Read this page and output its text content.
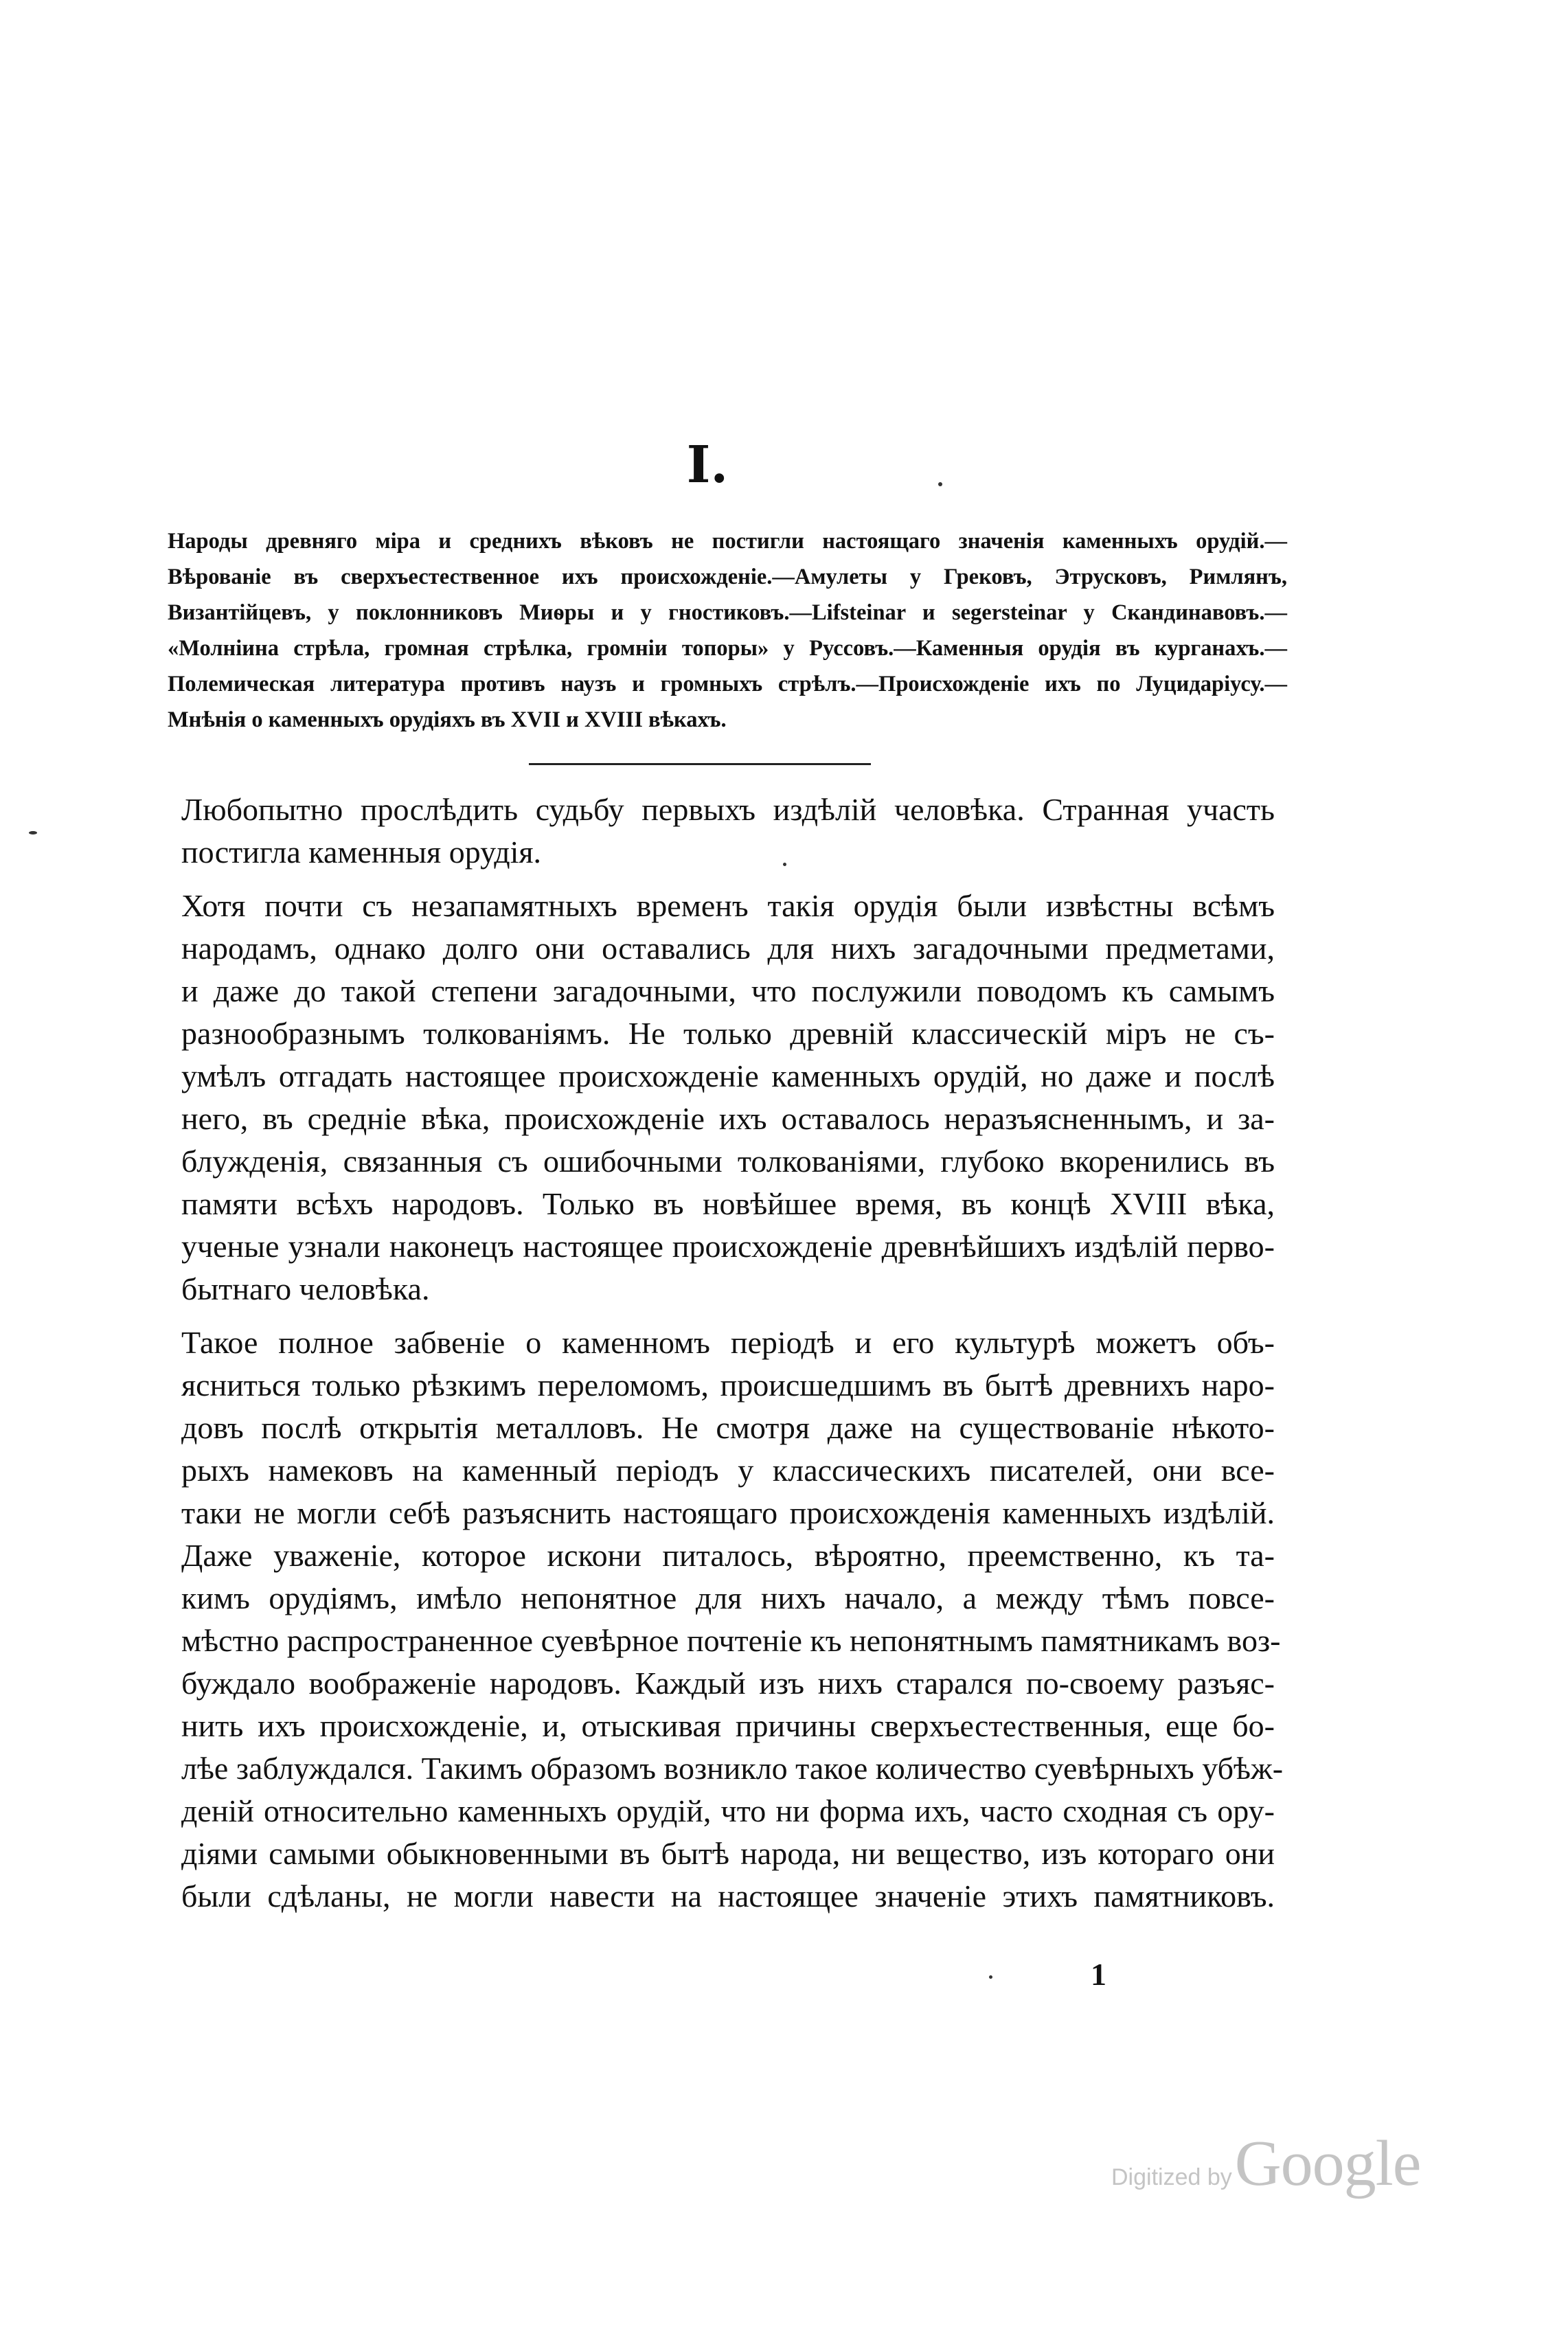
I.
Народы древняго міра и среднихъ вѣковъ не постигли настоящаго значенія каменныхъ орудій.—
Вѣрованіе въ сверхъестественное ихъ происхожденіе.—Амулеты у Грековъ, Этрусковъ, Римлянъ,
Византійцевъ, у поклонниковъ Миѳры и у гностиковъ.—Lifsteinar и segersteinar у Скандинавовъ.—
«Молніина стрѣла, громная стрѣлка, громніи топоры» у Руссовъ.—Каменныя орудія въ курганахъ.—
Полемическая литература противъ наузъ и громныхъ стрѣлъ.—Происхожденіе ихъ по Луцидаріусу.—
Мнѣнія о каменныхъ орудіяхъ въ XVII и XVIII вѣкахъ.
Любопытно прослѣдить судьбу первыхъ издѣлій человѣка. Странная участь
постигла каменныя орудія.
Хотя почти съ незапамятныхъ временъ такія орудія были извѣстны всѣмъ
народамъ, однако долго они оставались для нихъ загадочными предметами,
и даже до такой степени загадочными, что послужили поводомъ къ самымъ
разнообразнымъ толкованіямъ. Не только древній классическій міръ не съ-
умѣлъ отгадать настоящее происхожденіе каменныхъ орудій, но даже и послѣ
него, въ средніе вѣка, происхожденіе ихъ оставалось неразъясненнымъ, и за-
блужденія, связанныя съ ошибочными толкованіями, глубоко вкоренились въ
памяти всѣхъ народовъ. Только въ новѣйшее время, въ концѣ XVIII вѣка,
ученые узнали наконецъ настоящее происхожденіе древнѣйшихъ издѣлій перво-
бытнаго человѣка.
Такое полное забвеніе о каменномъ періодѣ и его культурѣ можетъ объ-
ясниться только рѣзкимъ переломомъ, происшедшимъ въ бытѣ древнихъ наро-
довъ послѣ открытія металловъ. Не смотря даже на существованіе нѣкото-
рыхъ намековъ на каменный періодъ у классическихъ писателей, они все-
таки не могли себѣ разъяснить настоящаго происхожденія каменныхъ издѣлій.
Даже уваженіе, которое искони питалось, вѣроятно, преемственно, къ та-
кимъ орудіямъ, имѣло непонятное для нихъ начало, а между тѣмъ повсе-
мѣстно распространенное суевѣрное почтеніе къ непонятнымъ памятникамъ воз-
буждало воображеніе народовъ. Каждый изъ нихъ старался по-своему разъяс-
нить ихъ происхожденіе, и, отыскивая причины сверхъестественныя, еще бо-
лѣе заблуждался. Такимъ образомъ возникло такое количество суевѣрныхъ убѣж-
деній относительно каменныхъ орудій, что ни форма ихъ, часто сходная съ ору-
діями самыми обыкновенными въ бытѣ народа, ни вещество, изъ котораго они
были сдѣланы, не могли навести на настоящее значеніе этихъ памятниковъ.
1
Digitized by Google
